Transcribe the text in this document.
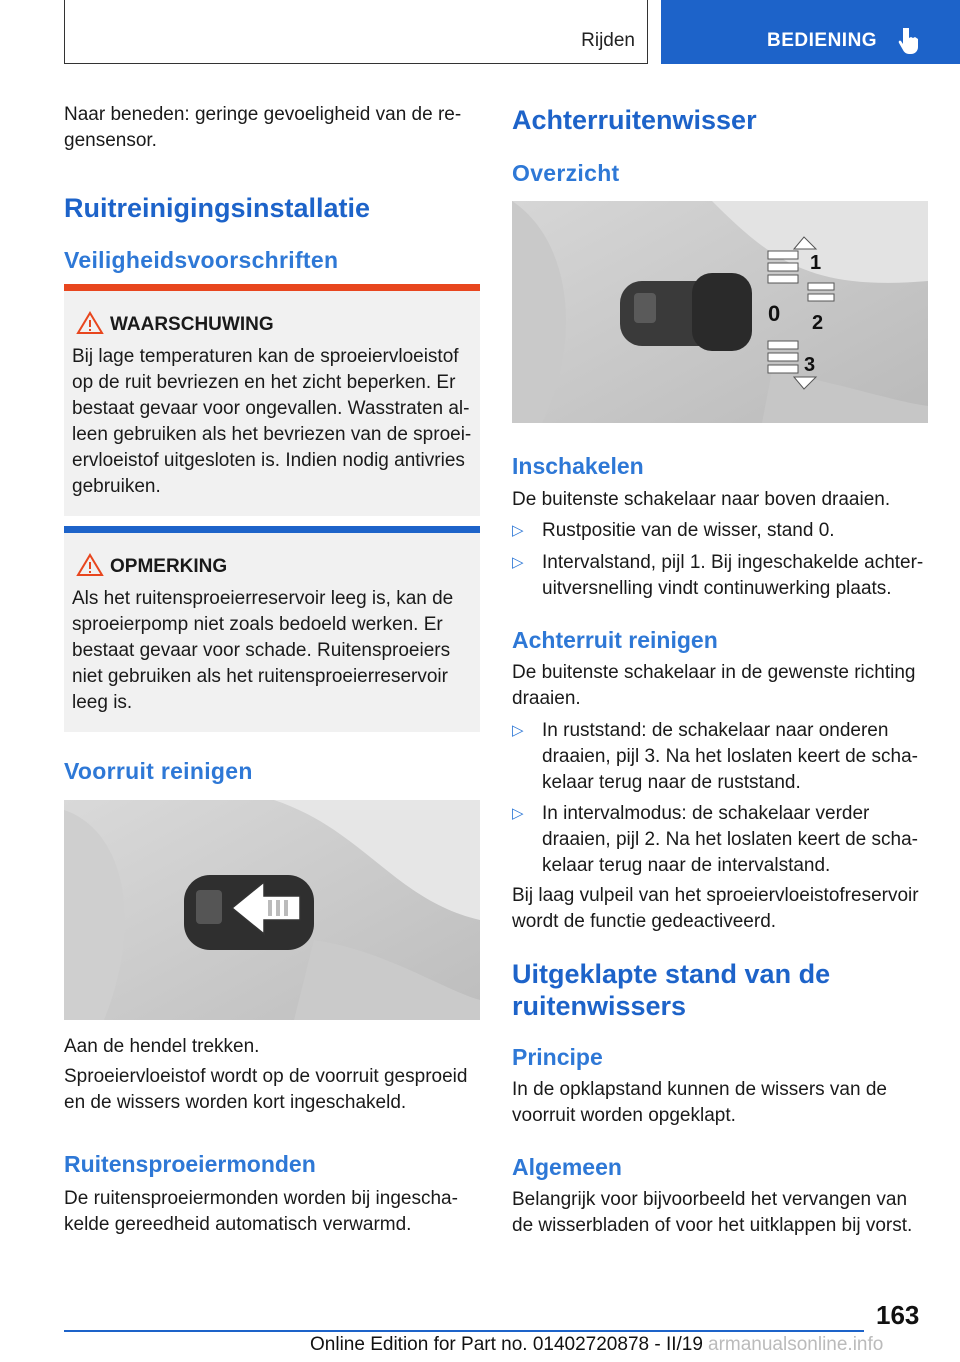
Rijden	BEDIENING

Naar beneden: geringe gevoeligheid van de re-gensensor.

Ruitreinigingsinstallatie

Veiligheidsvoorschriften

WAARSCHUWING
Bij lage temperaturen kan de sproeiervloeistof op de ruit bevriezen en het zicht beperken. Er bestaat gevaar voor ongevallen. Wasstraten al-leen gebruiken als het bevriezen van de sproei-ervloeistof uitgesloten is. Indien nodig antivries gebruiken.
OPMERKING
Als het ruitensproeierreservoir leeg is, kan de sproeierpomp niet zoals bedoeld werken. Er bestaat gevaar voor schade. Ruitensproeiers niet gebruiken als het ruitensproeierreservoir leeg is.

Voorruit reinigen

Aan de hendel trekken.

Sproeiervloeistof wordt op de voorruit gesproeid en de wissers worden kort ingeschakeld.

Ruitensproeiermonden

De ruitensproeiermonden worden bij ingescha-kelde gereedheid automatisch verwarmd.

Achterruitenwisser

Overzicht

1
0 2
3

Inschakelen

De buitenste schakelaar naar boven draaien.

▷ Rustpositie van de wisser, stand 0.
▷ Intervalstand, pijl 1. Bij ingeschakelde achter-uitversnelling vindt continuwerking plaats.

Achterruit reinigen

De buitenste schakelaar in de gewenste richting draaien.

▷ In ruststand: de schakelaar naar onderen draaien, pijl 3. Na het loslaten keert de scha-kelaar terug naar de ruststand.
▷ In intervalmodus: de schakelaar verder draaien, pijl 2. Na het loslaten keert de scha-kelaar terug naar de intervalstand.

Bij laag vulpeil van het sproeiervloeistofreservoir wordt de functie gedeactiveerd.

Uitgeklapte stand van de ruitenwissers

Principe

In de opklapstand kunnen de wissers van de voorruit worden opgeklapt.

Algemeen

Belangrijk voor bijvoorbeeld het vervangen van de wisserbladen of voor het uitklappen bij vorst.

163
Online Edition for Part no. 01402720878 - II/19 armanualsonline.info
